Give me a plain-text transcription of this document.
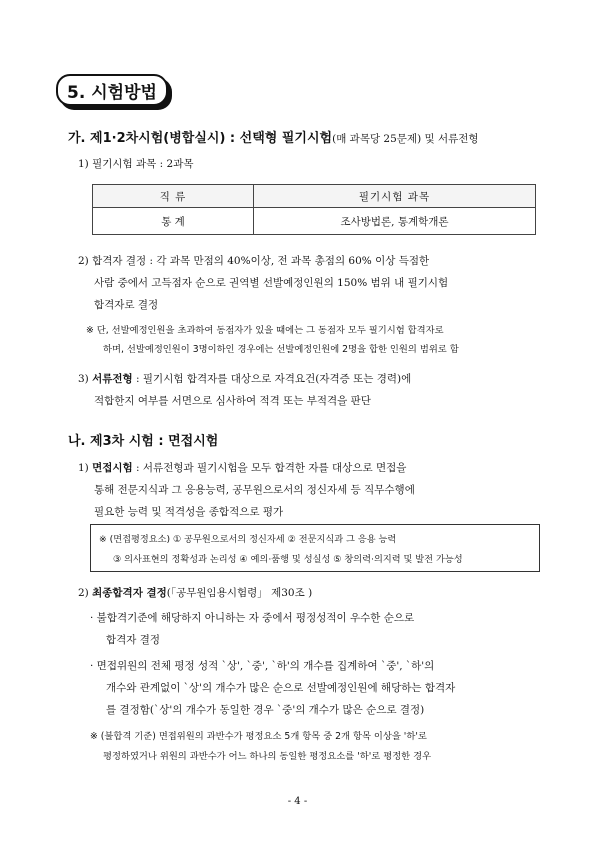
5. 시험방법
가. 제1·2차시험(병합실시) : 선택형 필기시험(매 과목당 25문제) 및 서류전형
1) 필기시험 과목 : 2과목
직 류	필기시험 과목
통 계	조사방법론, 통계학개론
2) 합격자 결정 : 각 과목 만점의 40%이상, 전 과목 총점의 60% 이상 득점한
사람 중에서 고득점자 순으로 권역별 선발예정인원의 150% 범위 내 필기시험
합격자로 결정
※ 단, 선발예정인원을 초과하여 동점자가 있을 때에는 그 동점자 모두 필기시험 합격자로
하며, 선발예정인원이 3명이하인 경우에는 선발예정인원에 2명을 합한 인원의 범위로 함
3) 서류전형 : 필기시험 합격자를 대상으로 자격요건(자격증 또는 경력)에
적합한지 여부를 서면으로 심사하여 적격 또는 부적격을 판단
나. 제3차 시험 : 면접시험
1) 면접시험 : 서류전형과 필기시험을 모두 합격한 자를 대상으로 면접을
통해 전문지식과 그 응용능력, 공무원으로서의 정신자세 등 직무수행에
필요한 능력 및 적격성을 종합적으로 평가
※ (면접평정요소) ① 공무원으로서의 정신자세 ② 전문지식과 그 응용 능력
③ 의사표현의 정확성과 논리성 ④ 예의·품행 및 성실성 ⑤ 창의력·의지력 및 발전 가능성
2) 최종합격자 결정(「공무원임용시험령」 제30조 )
· 불합격기준에 해당하지 아니하는 자 중에서 평정성적이 우수한 순으로
합격자 결정
· 면접위원의 전체 평정 성적 `상', `중', `하'의 개수를 집계하여 `중', `하'의
개수와 관계없이 `상'의 개수가 많은 순으로 선발예정인원에 해당하는 합격자
를 결정함(`상'의 개수가 동일한 경우 `중'의 개수가 많은 순으로 결정)
※ (불합격 기준) 면접위원의 과반수가 평정요소 5개 항목 중 2개 항목 이상을 '하'로
평정하였거나 위원의 과반수가 어느 하나의 동일한 평정요소를 '하'로 평정한 경우
- 4 -
